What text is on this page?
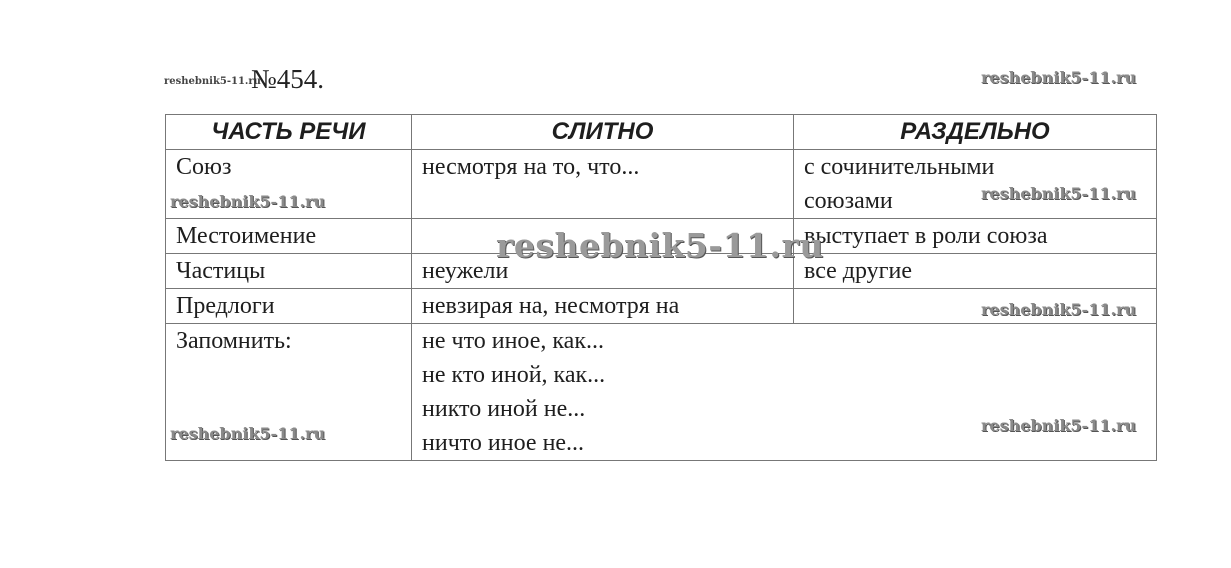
reshebnik5-11.ru
№454.	reshebnik5-11.ru
ЧАСТЬ РЕЧИ	СЛИТНО	РАЗДЕЛЬНО
Союз	несмотря на то, что...	с сочинительными
союзами

Местоимение		выступает в роли союза
Частицы	неужели	все другие
Предлоги	невзирая на, несмотря на	
Запомнить:	не что иное, как...
не кто иной, как...
никто иной не...
ничто иное не...	
reshebnik5-11.ru	reshebnik5-11.ru
reshebnik5-11.ru
reshebnik5-11.ru
reshebnik5-11.ru	reshebnik5-11.ru
